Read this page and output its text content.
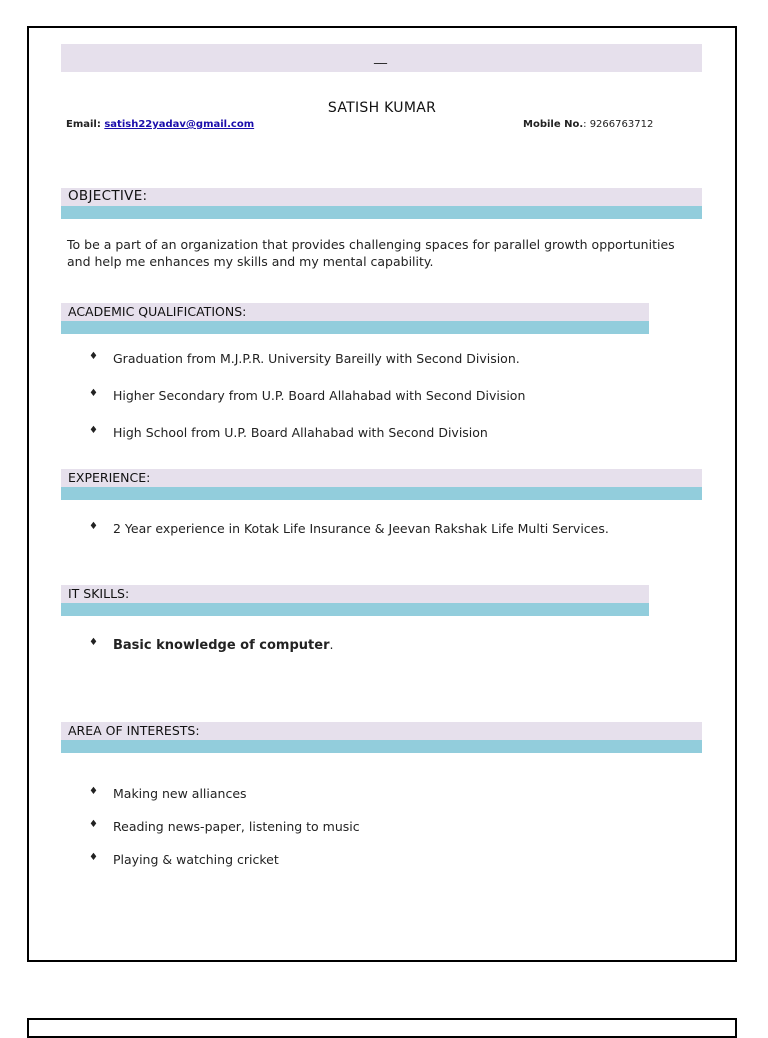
__
SATISH KUMAR
Email: satish22yadav@gmail.com	Mobile No.: 9266763712
OBJECTIVE:
To be a part of an organization that provides challenging spaces for parallel growth opportunities and help me enhances my skills and my mental capability.
ACADEMIC QUALIFICATIONS:
♦ Graduation from M.J.P.R. University Bareilly with Second Division.
♦ Higher Secondary from U.P. Board Allahabad with Second Division
♦ High School from U.P. Board Allahabad with Second Division
EXPERIENCE:
♦ 2 Year experience in Kotak Life Insurance & Jeevan Rakshak Life Multi Services.
IT SKILLS:
♦ Basic knowledge of computer.
AREA OF INTERESTS:
♦ Making new alliances
♦ Reading news-paper, listening to music
♦ Playing & watching cricket
